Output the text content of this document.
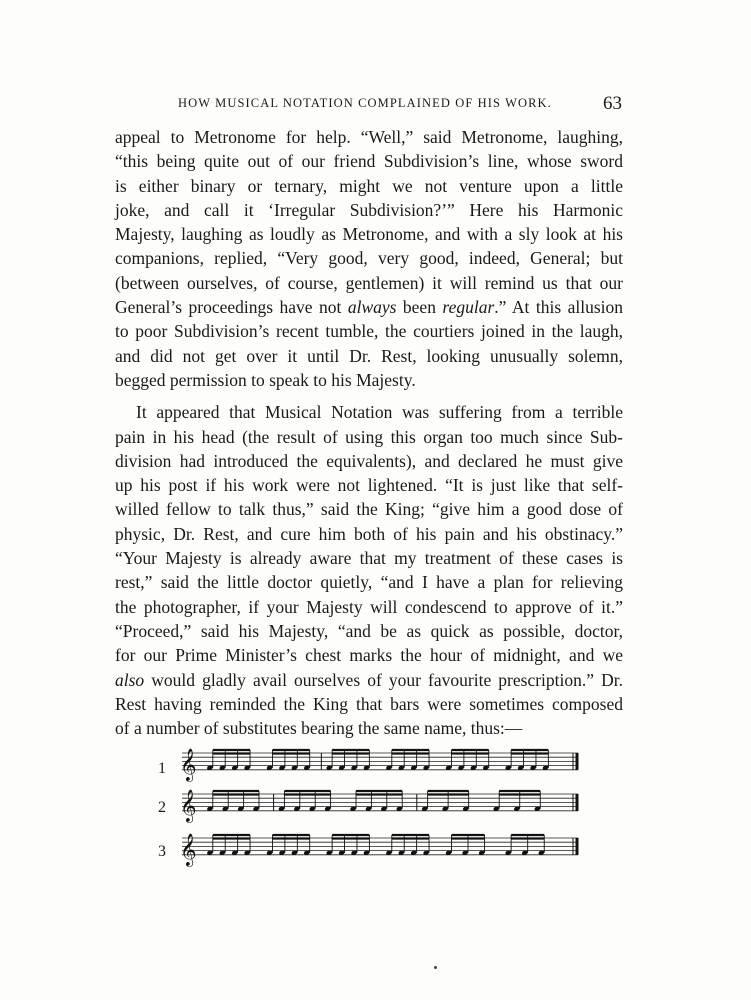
HOW MUSICAL NOTATION COMPLAINED OF HIS WORK.	63
appeal to Metronome for help. “Well,” said Metronome, laughing,
“this being quite out of our friend Subdivision’s line, whose sword
is either binary or ternary, might we not venture upon a little
joke, and call it ‘Irregular Subdivision?’” Here his Harmonic
Majesty, laughing as loudly as Metronome, and with a sly look at his
companions, replied, “Very good, very good, indeed, General; but
(between ourselves, of course, gentlemen) it will remind us that our
General’s proceedings have not always been regular.” At this allusion
to poor Subdivision’s recent tumble, the courtiers joined in the laugh,
and did not get over it until Dr. Rest, looking unusually solemn,
begged permission to speak to his Majesty.
It appeared that Musical Notation was suffering from a terrible
pain in his head (the result of using this organ too much since Sub-
division had introduced the equivalents), and declared he must give
up his post if his work were not lightened. “It is just like that self-
willed fellow to talk thus,” said the King; “give him a good dose of
physic, Dr. Rest, and cure him both of his pain and his obstinacy.”
“Your Majesty is already aware that my treatment of these cases is
rest,” said the little doctor quietly, “and I have a plan for relieving
the photographer, if your Majesty will condescend to approve of it.”
“Proceed,” said his Majesty, “and be as quick as possible, doctor,
for our Prime Minister’s chest marks the hour of midnight, and we
also would gladly avail ourselves of your favourite prescription.” Dr.
Rest having reminded the King that bars were sometimes composed
of a number of substitutes bearing the same name, thus:—
1
2
3
𝄞
𝄞
𝄞
